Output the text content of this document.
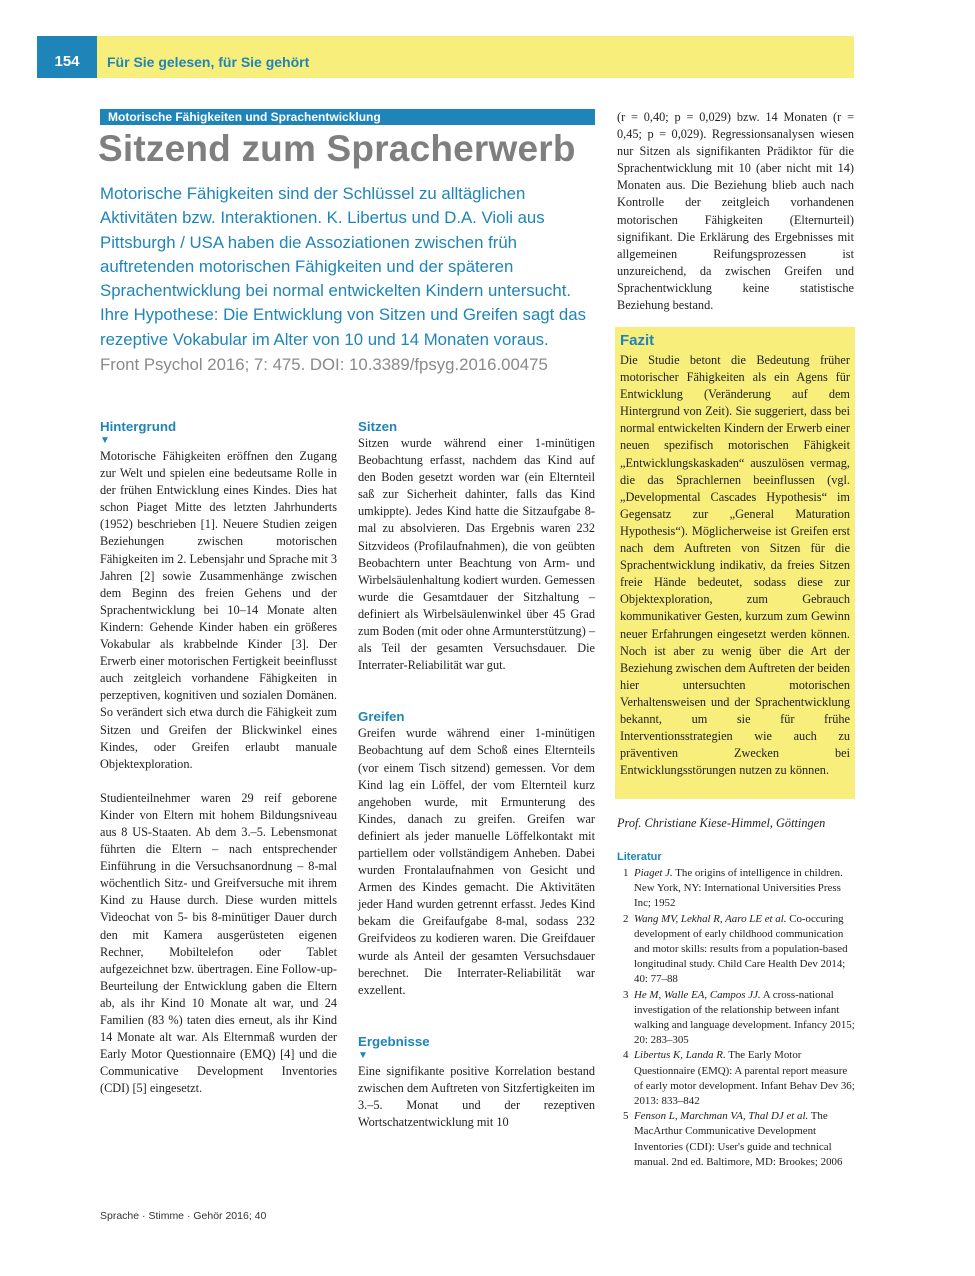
154	Für Sie gelesen, für Sie gehört
Motorische Fähigkeiten und Sprachentwicklung
Sitzend zum Spracherwerb

Motorische Fähigkeiten sind der Schlüssel zu alltäglichen Aktivitäten bzw. Interaktionen. K. Libertus und D.A. Violi aus Pittsburgh / USA haben die Assoziationen zwischen früh auftretenden motorischen Fähigkeiten und der späteren Sprachentwicklung bei normal entwickelten Kindern untersucht. Ihre Hypothese: Die Entwicklung von Sitzen und Greifen sagt das rezeptive Vokabular im Alter von 10 und 14 Monaten voraus.

Front Psychol 2016; 7: 475. DOI: 10.3389/fpsyg.2016.00475

Hintergrund
▼

Motorische Fähigkeiten eröffnen den Zugang zur Welt und spielen eine bedeutsame Rolle in der frühen Entwicklung eines Kindes. Dies hat schon Piaget Mitte des letzten Jahrhunderts (1952) beschrieben [1]. Neuere Studien zeigen Beziehungen zwischen motorischen Fähigkeiten im 2. Lebensjahr und Sprache mit 3 Jahren [2] sowie Zusammenhänge zwischen dem Beginn des freien Gehens und der Sprachentwicklung bei 10–14 Monate alten Kindern: Gehende Kinder haben ein größeres Vokabular als krabbelnde Kinder [3]. Der Erwerb einer motorischen Fertigkeit beeinflusst auch zeitgleich vorhandene Fähigkeiten in perzeptiven, kognitiven und sozialen Domänen. So verändert sich etwa durch die Fähigkeit zum Sitzen und Greifen der Blickwinkel eines Kindes, oder Greifen erlaubt manuale Objektexploration.

Studienteilnehmer waren 29 reif geborene Kinder von Eltern mit hohem Bildungsniveau aus 8 US-Staaten. Ab dem 3.–5. Lebensmonat führten die Eltern – nach entsprechender Einführung in die Versuchsanordnung – 8-mal wöchentlich Sitz- und Greifversuche mit ihrem Kind zu Hause durch. Diese wurden mittels Videochat von 5- bis 8-minütiger Dauer durch den mit Kamera ausgerüsteten eigenen Rechner, Mobiltelefon oder Tablet aufgezeichnet bzw. übertragen. Eine Follow-up-Beurteilung der Entwicklung gaben die Eltern ab, als ihr Kind 10 Monate alt war, und 24 Familien (83 %) taten dies erneut, als ihr Kind 14 Monate alt war. Als Elternmaß wurden der Early Motor Questionnaire (EMQ) [4] und die Communicative Development Inventories (CDI) [5] eingesetzt.

Sitzen

Sitzen wurde während einer 1-minütigen Beobachtung erfasst, nachdem das Kind auf den Boden gesetzt worden war (ein Elternteil saß zur Sicherheit dahinter, falls das Kind umkippte). Jedes Kind hatte die Sitzaufgabe 8-mal zu absolvieren. Das Ergebnis waren 232 Sitzvideos (Profilaufnahmen), die von geübten Beobachtern unter Beachtung von Arm- und Wirbelsäulenhaltung kodiert wurden. Gemessen wurde die Gesamtdauer der Sitzhaltung – definiert als Wirbelsäulenwinkel über 45 Grad zum Boden (mit oder ohne Armunterstützung) – als Teil der gesamten Versuchsdauer. Die Interrater-Reliabilität war gut.

Greifen

Greifen wurde während einer 1-minütigen Beobachtung auf dem Schoß eines Elternteils (vor einem Tisch sitzend) gemessen. Vor dem Kind lag ein Löffel, der vom Elternteil kurz angehoben wurde, mit Ermunterung des Kindes, danach zu greifen. Greifen war definiert als jeder manuelle Löffelkontakt mit partiellem oder vollständigem Anheben. Dabei wurden Frontalaufnahmen von Gesicht und Armen des Kindes gemacht. Die Aktivitäten jeder Hand wurden getrennt erfasst. Jedes Kind bekam die Greifaufgabe 8-mal, sodass 232 Greifvideos zu kodieren waren. Die Greifdauer wurde als Anteil der gesamten Versuchsdauer berechnet. Die Interrater-Reliabilität war exzellent.

Ergebnisse
▼

Eine signifikante positive Korrelation bestand zwischen dem Auftreten von Sitzfertigkeiten im 3.–5. Monat und der rezeptiven Wortschatzentwicklung mit 10

(r = 0,40; p = 0,029) bzw. 14 Monaten (r = 0,45; p = 0,029). Regressionsanalysen wiesen nur Sitzen als signifikanten Prädiktor für die Sprachentwicklung mit 10 (aber nicht mit 14) Monaten aus. Die Beziehung blieb auch nach Kontrolle der zeitgleich vorhandenen motorischen Fähigkeiten (Elternurteil) signifikant. Die Erklärung des Ergebnisses mit allgemeinen Reifungsprozessen ist unzureichend, da zwischen Greifen und Sprachentwicklung keine statistische Beziehung bestand.

Fazit

Die Studie betont die Bedeutung früher motorischer Fähigkeiten als ein Agens für Entwicklung (Veränderung auf dem Hintergrund von Zeit). Sie suggeriert, dass bei normal entwickelten Kindern der Erwerb einer neuen spezifisch motorischen Fähigkeit „Entwicklungskaskaden“ auszulösen vermag, die das Sprachlernen beeinflussen (vgl. „Developmental Cascades Hypothesis“ im Gegensatz zur „General Maturation Hypothesis“). Möglicherweise ist Greifen erst nach dem Auftreten von Sitzen für die Sprachentwicklung indikativ, da freies Sitzen freie Hände bedeutet, sodass diese zur Objektexploration, zum Gebrauch kommunikativer Gesten, kurzum zum Gewinn neuer Erfahrungen eingesetzt werden können. Noch ist aber zu wenig über die Art der Beziehung zwischen dem Auftreten der beiden hier untersuchten motorischen Verhaltensweisen und der Sprachentwicklung bekannt, um sie für frühe Interventionsstrategien wie auch zu präventiven Zwecken bei Entwicklungsstörungen nutzen zu können.

Prof. Christiane Kiese-Himmel, Göttingen
Literatur
1 Piaget J. The origins of intelligence in children. New York, NY: International Universities Press Inc; 1952
2 Wang MV, Lekhal R, Aaro LE et al. Co-occuring development of early childhood communication and motor skills: results from a population-based longitudinal study. Child Care Health Dev 2014; 40: 77–88
3 He M, Walle EA, Campos JJ. A cross-national investigation of the relationship between infant walking and language development. Infancy 2015; 20: 283–305
4 Libertus K, Landa R. The Early Motor Questionnaire (EMQ): A parental report measure of early motor development. Infant Behav Dev 36; 2013: 833–842
5 Fenson L, Marchman VA, Thal DJ et al. The MacArthur Communicative Development Inventories (CDI): User's guide and technical manual. 2nd ed. Baltimore, MD: Brookes; 2006
Sprache · Stimme · Gehör 2016; 40
